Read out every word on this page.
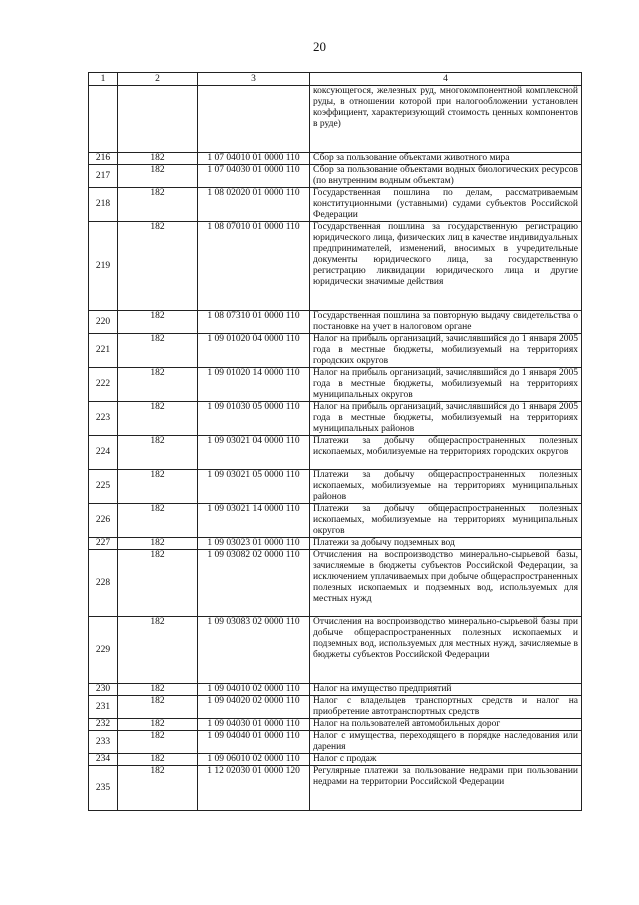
20
1	2	3	4
			коксующегося, железных руд, многокомпонентной комплексной руды, в отношении которой при налогообложении установлен коэффициент, характеризующий стоимость ценных компонентов в руде)
216	182	1 07 04010 01 0000 110	Сбор за пользование объектами животного мира
217	182	1 07 04030 01 0000 110	Сбор за пользование объектами водных биологических ресурсов (по внутренним водным объектам)
218	182	1 08 02020 01 0000 110	Государственная пошлина по делам, рассматриваемым конституционными (уставными) судами субъектов Российской Федерации
219	182	1 08 07010 01 0000 110	Государственная пошлина за государственную регистрацию юридического лица, физических лиц в качестве индивидуальных предпринимателей, изменений, вносимых в учредительные документы юридического лица, за государственную регистрацию ликвидации юридического лица и другие юридически значимые действия
220	182	1 08 07310 01 0000 110	Государственная пошлина за повторную выдачу свидетельства о постановке на учет в налоговом органе
221	182	1 09 01020 04 0000 110	Налог на прибыль организаций, зачислявшийся до 1 января 2005 года в местные бюджеты, мобилизуемый на территориях городских округов
222	182	1 09 01020 14 0000 110	Налог на прибыль организаций, зачислявшийся до 1 января 2005 года в местные бюджеты, мобилизуемый на территориях муниципальных округов
223	182	1 09 01030 05 0000 110	Налог на прибыль организаций, зачислявшийся до 1 января 2005 года в местные бюджеты, мобилизуемый на территориях муниципальных районов
224	182	1 09 03021 04 0000 110	Платежи за добычу общераспространенных полезных ископаемых, мобилизуемые на территориях городских округов
225	182	1 09 03021 05 0000 110	Платежи за добычу общераспространенных полезных ископаемых, мобилизуемые на территориях муниципальных районов
226	182	1 09 03021 14 0000 110	Платежи за добычу общераспространенных полезных ископаемых, мобилизуемые на территориях муниципальных округов
227	182	1 09 03023 01 0000 110	Платежи за добычу подземных вод
228	182	1 09 03082 02 0000 110	Отчисления на воспроизводство минерально-сырьевой базы, зачисляемые в бюджеты субъектов Российской Федерации, за исключением уплачиваемых при добыче общераспространенных полезных ископаемых и подземных вод, используемых для местных нужд
229	182	1 09 03083 02 0000 110	Отчисления на воспроизводство минерально-сырьевой базы при добыче общераспространенных полезных ископаемых и подземных вод, используемых для местных нужд, зачисляемые в бюджеты субъектов Российской Федерации
230	182	1 09 04010 02 0000 110	Налог на имущество предприятий
231	182	1 09 04020 02 0000 110	Налог с владельцев транспортных средств и налог на приобретение автотранспортных средств
232	182	1 09 04030 01 0000 110	Налог на пользователей автомобильных дорог
233	182	1 09 04040 01 0000 110	Налог с имущества, переходящего в порядке наследования или дарения
234	182	1 09 06010 02 0000 110	Налог с продаж
235	182	1 12 02030 01 0000 120	Регулярные платежи за пользование недрами при пользовании недрами на территории Российской Федерации
